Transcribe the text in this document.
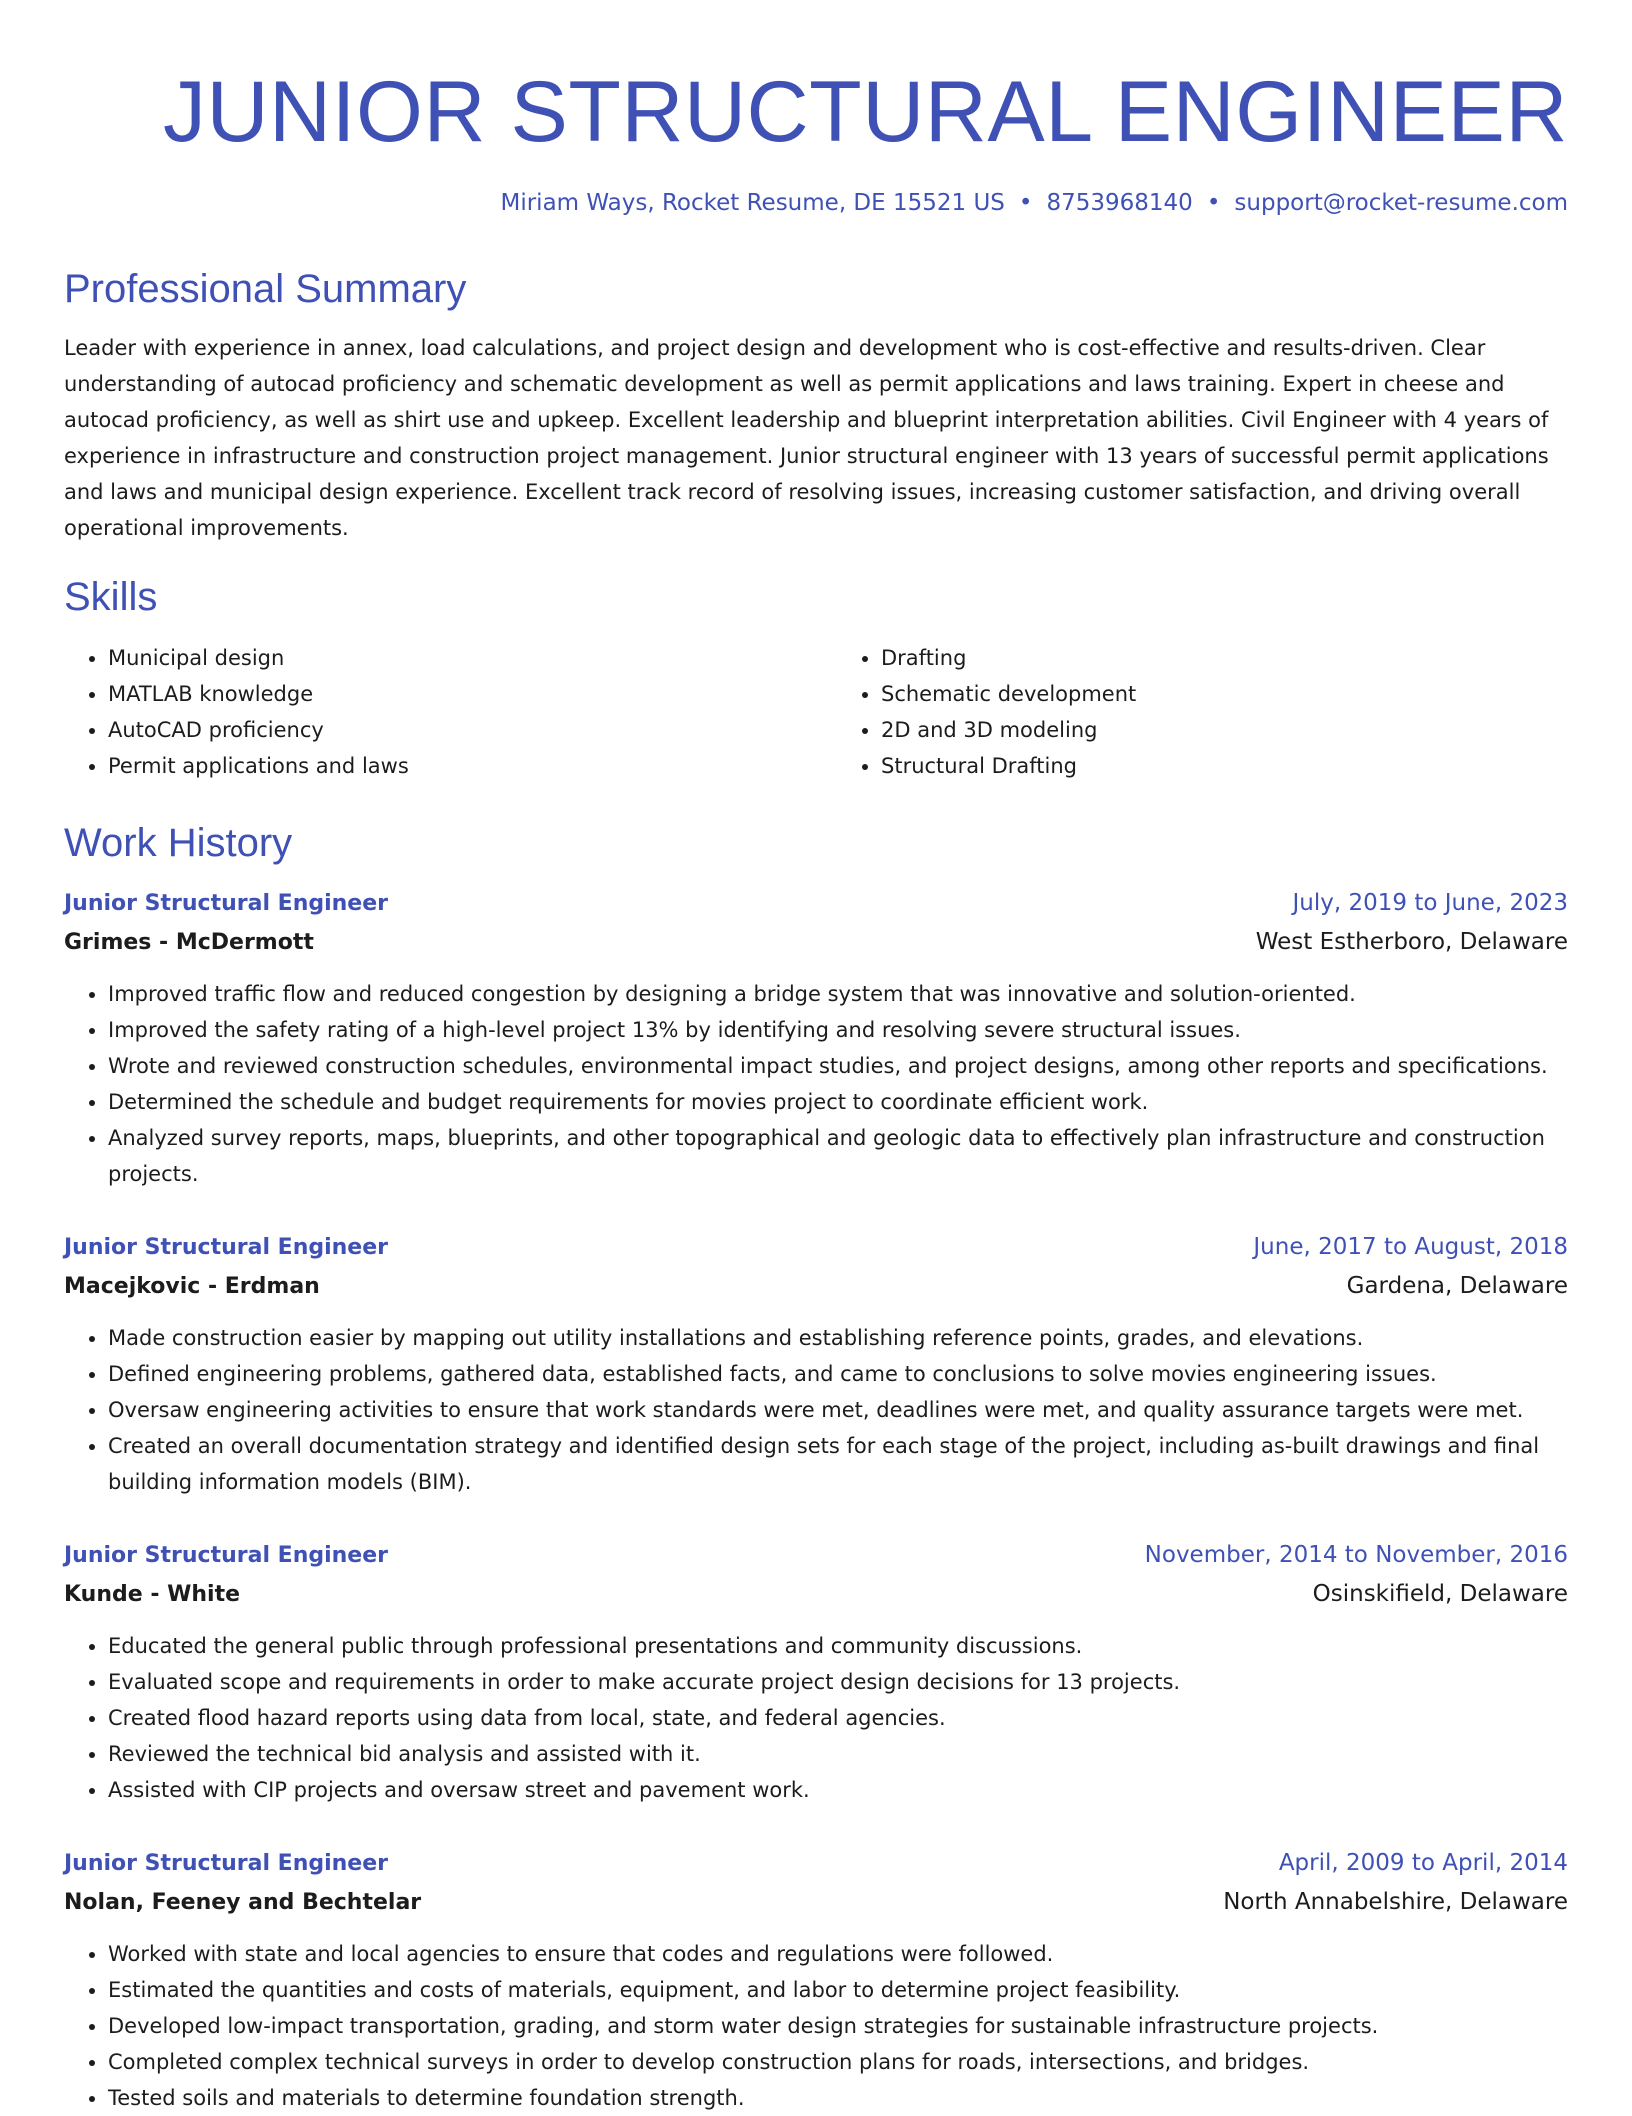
JUNIOR STRUCTURAL ENGINEER
Miriam Ways, Rocket Resume, DE 15521 US • 8753968140 • support@rocket-resume.com
Professional Summary
Leader with experience in annex, load calculations, and project design and development who is cost-effective and results-driven. Clear understanding of autocad proficiency and schematic development as well as permit applications and laws training. Expert in cheese and autocad proficiency, as well as shirt use and upkeep. Excellent leadership and blueprint interpretation abilities. Civil Engineer with 4 years of experience in infrastructure and construction project management. Junior structural engineer with 13 years of successful permit applications and laws and municipal design experience. Excellent track record of resolving issues, increasing customer satisfaction, and driving overall operational improvements.
Skills
• Municipal design
• MATLAB knowledge
• AutoCAD proficiency
• Permit applications and laws
• Drafting
• Schematic development
• 2D and 3D modeling
• Structural Drafting
Work History
Junior Structural Engineer	July, 2019 to June, 2023
Grimes - McDermott	West Estherboro, Delaware
• Improved traffic flow and reduced congestion by designing a bridge system that was innovative and solution-oriented.
• Improved the safety rating of a high-level project 13% by identifying and resolving severe structural issues.
• Wrote and reviewed construction schedules, environmental impact studies, and project designs, among other reports and specifications.
• Determined the schedule and budget requirements for movies project to coordinate efficient work.
• Analyzed survey reports, maps, blueprints, and other topographical and geologic data to effectively plan infrastructure and construction projects.
Junior Structural Engineer	June, 2017 to August, 2018
Macejkovic - Erdman	Gardena, Delaware
• Made construction easier by mapping out utility installations and establishing reference points, grades, and elevations.
• Defined engineering problems, gathered data, established facts, and came to conclusions to solve movies engineering issues.
• Oversaw engineering activities to ensure that work standards were met, deadlines were met, and quality assurance targets were met.
• Created an overall documentation strategy and identified design sets for each stage of the project, including as-built drawings and final building information models (BIM).
Junior Structural Engineer	November, 2014 to November, 2016
Kunde - White	Osinskifield, Delaware
• Educated the general public through professional presentations and community discussions.
• Evaluated scope and requirements in order to make accurate project design decisions for 13 projects.
• Created flood hazard reports using data from local, state, and federal agencies.
• Reviewed the technical bid analysis and assisted with it.
• Assisted with CIP projects and oversaw street and pavement work.
Junior Structural Engineer	April, 2009 to April, 2014
Nolan, Feeney and Bechtelar	North Annabelshire, Delaware
• Worked with state and local agencies to ensure that codes and regulations were followed.
• Estimated the quantities and costs of materials, equipment, and labor to determine project feasibility.
• Developed low-impact transportation, grading, and storm water design strategies for sustainable infrastructure projects.
• Completed complex technical surveys in order to develop construction plans for roads, intersections, and bridges.
• Tested soils and materials to determine foundation strength.
